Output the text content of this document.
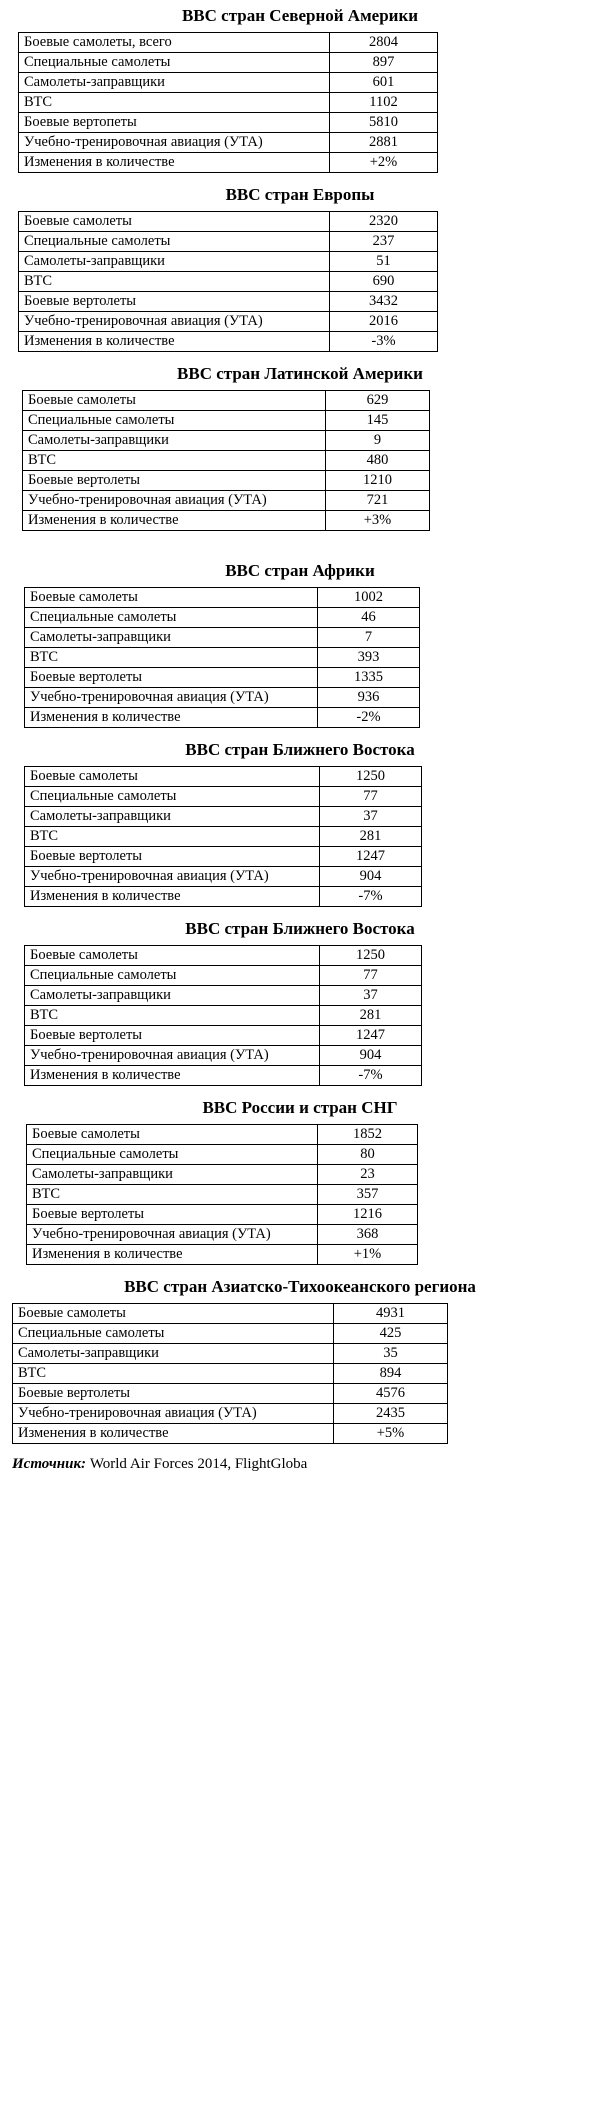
ВВС стран Северной Америки
Боевые самолеты, всего	2804
Специальные самолеты	897
Самолеты-заправщики	601
ВТС	1102
Боевые вертопеты	5810
Учебно-тренировочная авиация (УТА)	2881
Изменения в количестве	+2%
ВВС стран Европы
Боевые самолеты	2320
Специальные самолеты	237
Самолеты-заправщики	51
ВТС	690
Боевые вертолеты	3432
Учебно-тренировочная авиация (УТА)	2016
Изменения в количестве	-3%
ВВС стран Латинской Америки
Боевые самолеты	629
Специальные самолеты	145
Самолеты-заправщики	9
ВТС	480
Боевые вертолеты	1210
Учебно-тренировочная авиация (УТА)	721
Изменения в количестве	+3%
ВВС стран Африки
Боевые самолеты	1002
Специальные самолеты	46
Самолеты-заправщики	7
ВТС	393
Боевые вертолеты	1335
Учебно-тренировочная авиация (УТА)	936
Изменения в количестве	-2%
ВВС стран Ближнего Востока
Боевые самолеты	1250
Специальные самолеты	77
Самолеты-заправщики	37
ВТС	281
Боевые вертолеты	1247
Учебно-тренировочная авиация (УТА)	904
Изменения в количестве	-7%
ВВС стран Ближнего Востока
Боевые самолеты	1250
Специальные самолеты	77
Самолеты-заправщики	37
ВТС	281
Боевые вертолеты	1247
Учебно-тренировочная авиация (УТА)	904
Изменения в количестве	-7%
ВВС России и стран СНГ
Боевые самолеты	1852
Специальные самолеты	80
Самолеты-заправщики	23
ВТС	357
Боевые вертолеты	1216
Учебно-тренировочная авиация (УТА)	368
Изменения в количестве	+1%
ВВС стран Азиатско-Тихоокеанского региона
Боевые самолеты	4931
Специальные самолеты	425
Самолеты-заправщики	35
ВТС	894
Боевые вертолеты	4576
Учебно-тренировочная авиация (УТА)	2435
Изменения в количестве	+5%
Источник: World Air Forces 2014, FlightGloba
